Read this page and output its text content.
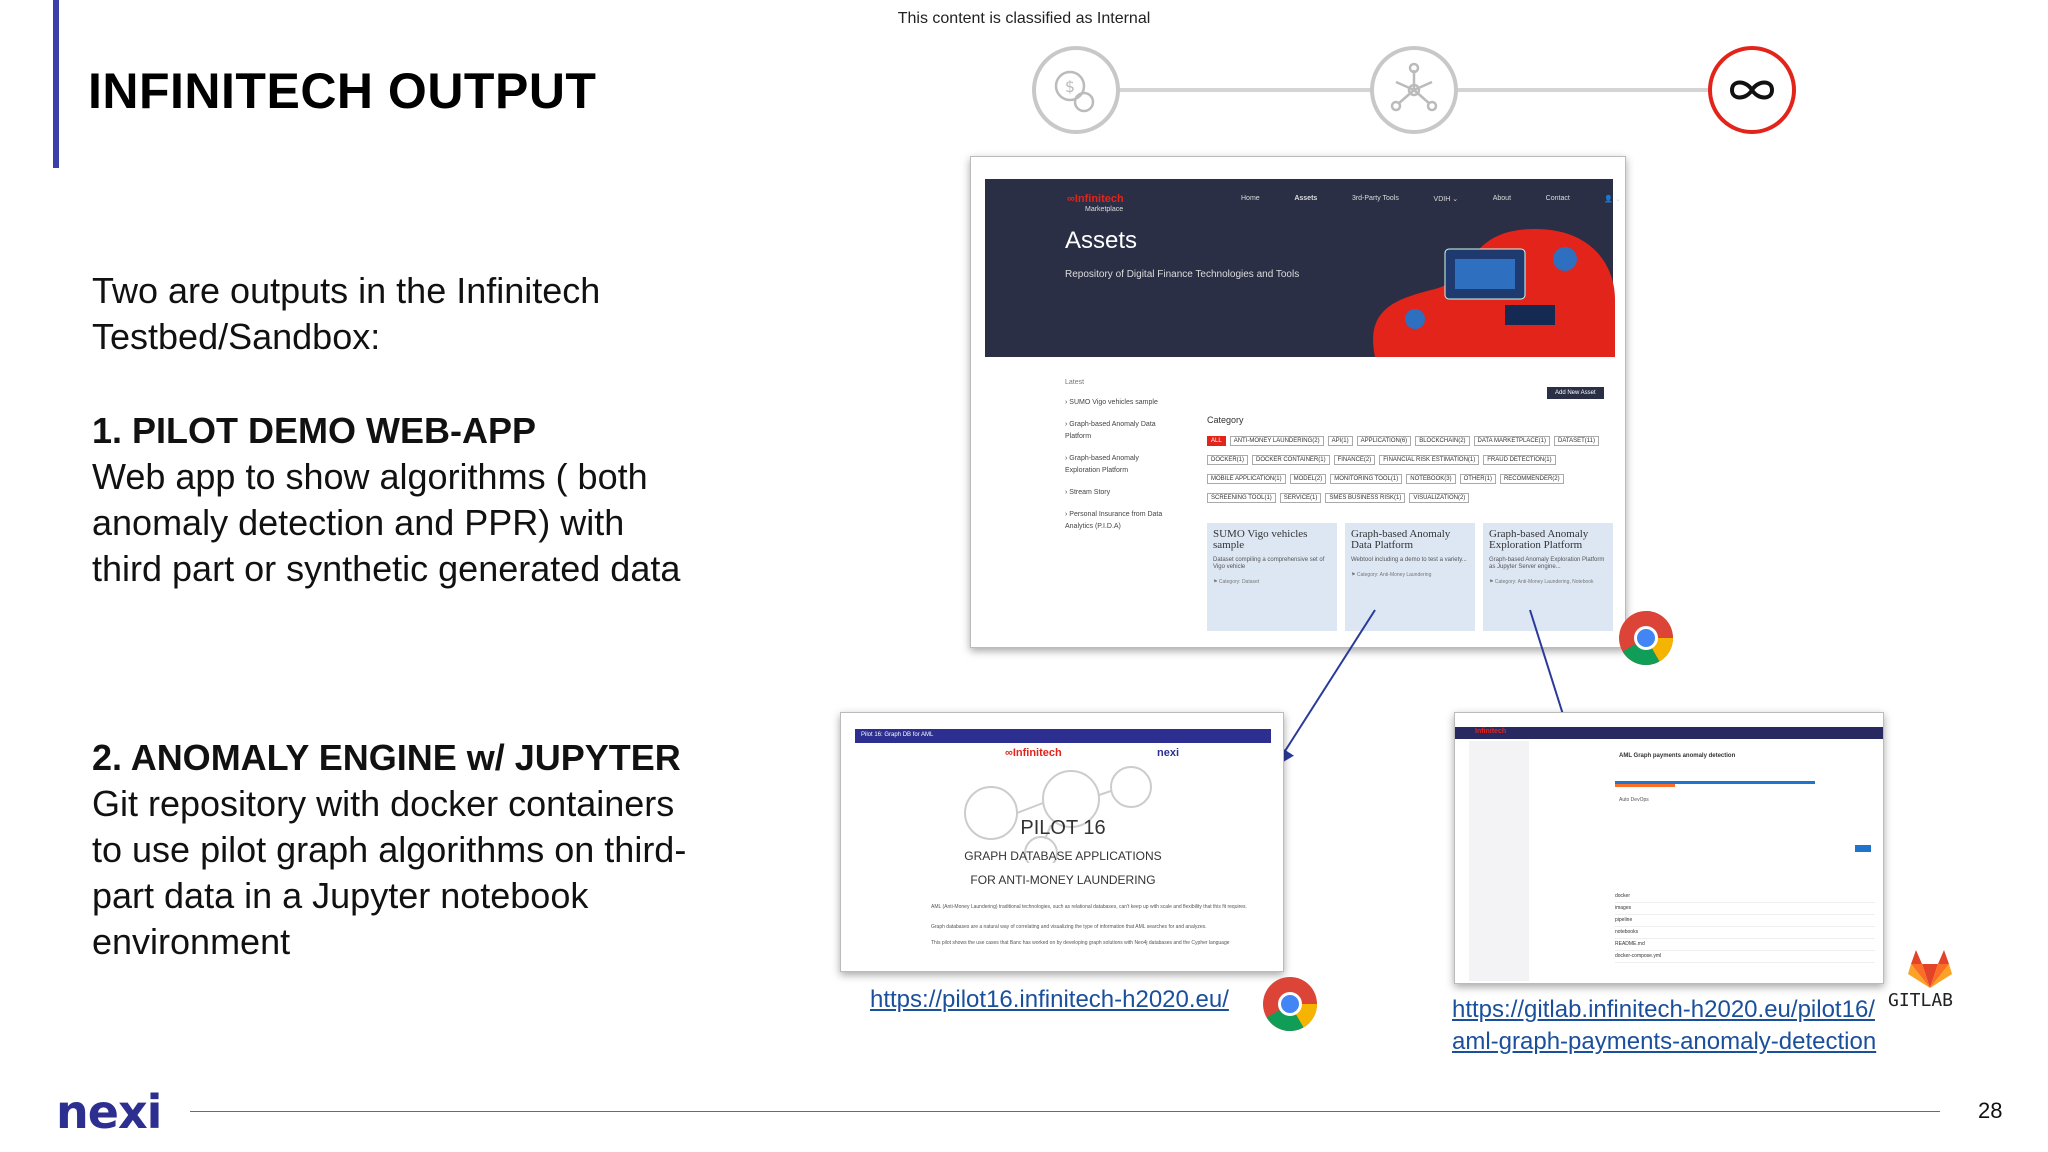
This content is classified as Internal
INFINITECH OUTPUT
Two are outputs in the Infinitech Testbed/Sandbox:
1. PILOT DEMO WEB-APP
Web app to show algorithms ( both anomaly detection and PPR) with third part or synthetic generated data
2. ANOMALY ENGINE w/ JUPYTER
Git repository with docker containers to use pilot graph algorithms on third-part data in a Jupyter notebook environment
$
∞Infinitech
Marketplace
Home	Assets	3rd-Party Tools	VDIH ⌄	About	Contact	👤 ⌄
Assets
Repository of Digital Finance Technologies and Tools
Latest
› SUMO Vigo vehicles sample
› Graph-based Anomaly Data Platform
› Graph-based Anomaly Exploration Platform
› Stream Story
› Personal Insurance from Data Analytics (P.I.D.A)
Add New Asset
Category
ALL ANTI-MONEY LAUNDERING(2) API(1) APPLICATION(6) BLOCKCHAIN(2) DATA MARKETPLACE(1) DATASET(11)DOCKER(1) DOCKER CONTAINER(1) FINANCE(2) FINANCIAL RISK ESTIMATION(1) FRAUD DETECTION(1)MOBILE APPLICATION(1) MODEL(2) MONITORING TOOL(1) NOTEBOOK(3) OTHER(1) RECOMMENDER(2)SCREENING TOOL(1) SERVICE(1) SMES BUSINESS RISK(1) VISUALIZATION(2)
SUMO Vigo vehicles sample
Dataset compiling a comprehensive set of Vigo vehicle
⚑ Category: Dataset
Graph-based Anomaly Data Platform
Webtool including a demo to test a variety...
⚑ Category: Anti-Money Laundering
Graph-based Anomaly Exploration Platform
Graph-based Anomaly Exploration Platform as Jupyter Server engine...
⚑ Category: Anti-Money Laundering, Notebook
Pilot 16: Graph DB for AML
∞Infinitech	nexi
PILOT 16
GRAPH DATABASE APPLICATIONS
FOR ANTI-MONEY LAUNDERING
AML (Anti-Money Laundering) traditional technologies, such as relational databases, can't keep up with scale and flexibility that this fit requires.
Graph databases are a natural way of correlating and visualizing the type of information that AML searches for and analyzes.
This pilot shows the use cases that Banc has worked on by developing graph solutions with Neo4j databases and the Cypher language
Infinitech
AML Graph payments anomaly detection
Auto DevOps
docker
images
pipeline
notebooks
README.md
docker-compose.yml
GITLAB
https://pilot16.infinitech-h2020.eu/	https://gitlab.infinitech-h2020.eu/pilot16/
aml-graph-payments-anomaly-detection
nexi	28
